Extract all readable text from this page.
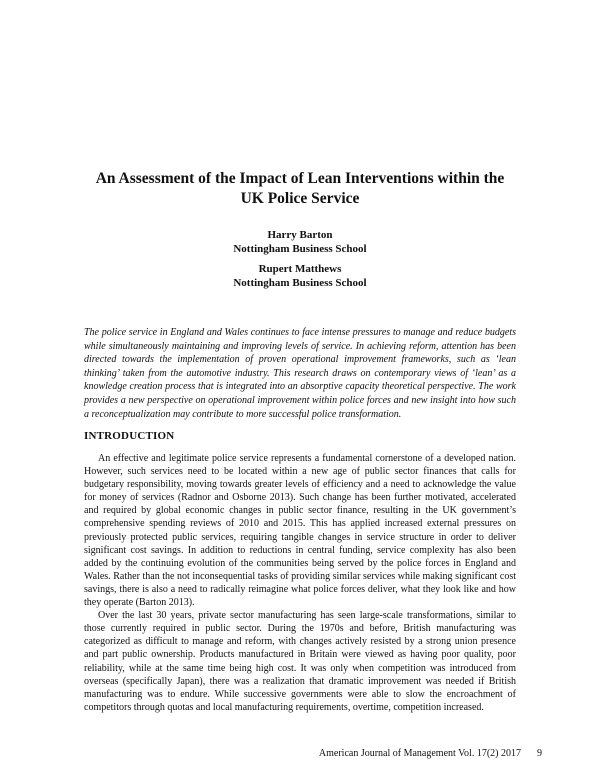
An Assessment of the Impact of Lean Interventions within the UK Police Service
Harry Barton
Nottingham Business School
Rupert Matthews
Nottingham Business School
The police service in England and Wales continues to face intense pressures to manage and reduce budgets while simultaneously maintaining and improving levels of service. In achieving reform, attention has been directed towards the implementation of proven operational improvement frameworks, such as ‘lean thinking’ taken from the automotive industry. This research draws on contemporary views of ‘lean’ as a knowledge creation process that is integrated into an absorptive capacity theoretical perspective. The work provides a new perspective on operational improvement within police forces and new insight into how such a reconceptualization may contribute to more successful police transformation.
INTRODUCTION

An effective and legitimate police service represents a fundamental cornerstone of a developed nation. However, such services need to be located within a new age of public sector finances that calls for budgetary responsibility, moving towards greater levels of efficiency and a need to acknowledge the value for money of services (Radnor and Osborne 2013). Such change has been further motivated, accelerated and required by global economic changes in public sector finance, resulting in the UK government’s comprehensive spending reviews of 2010 and 2015. This has applied increased external pressures on previously protected public services, requiring tangible changes in service structure in order to deliver significant cost savings. In addition to reductions in central funding, service complexity has also been added by the continuing evolution of the communities being served by the police forces in England and Wales. Rather than the not inconsequential tasks of providing similar services while making significant cost savings, there is also a need to radically reimagine what police forces deliver, what they look like and how they operate (Barton 2013).

Over the last 30 years, private sector manufacturing has seen large-scale transformations, similar to those currently required in public sector. During the 1970s and before, British manufacturing was categorized as difficult to manage and reform, with changes actively resisted by a strong union presence and part public ownership. Products manufactured in Britain were viewed as having poor quality, poor reliability, while at the same time being high cost. It was only when competition was introduced from overseas (specifically Japan), there was a realization that dramatic improvement was needed if British manufacturing was to endure. While successive governments were able to slow the encroachment of competitors through quotas and local manufacturing requirements, overtime, competition increased.

American Journal of Management Vol. 17(2) 2017 9
